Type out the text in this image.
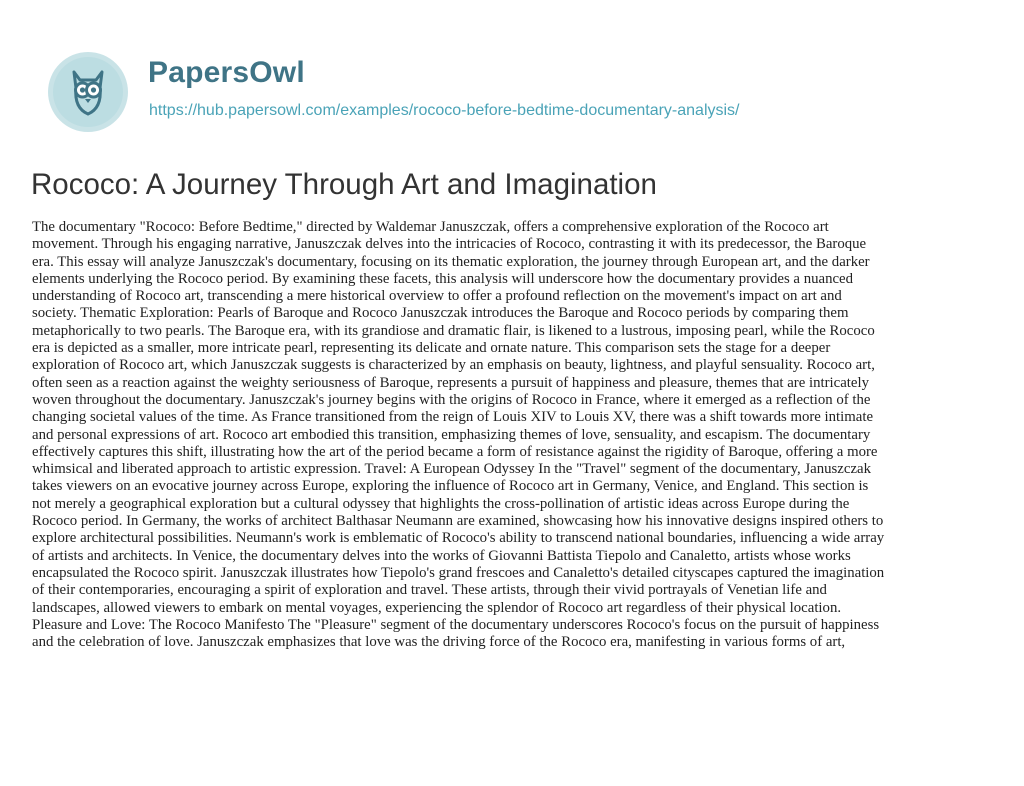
PapersOwl
https://hub.papersowl.com/examples/rococo-before-bedtime-documentary-analysis/
Rococo: A Journey Through Art and Imagination
The documentary "Rococo: Before Bedtime," directed by Waldemar Januszczak, offers a comprehensive exploration of the Rococo art
movement. Through his engaging narrative, Januszczak delves into the intricacies of Rococo, contrasting it with its predecessor, the Baroque
era. This essay will analyze Januszczak's documentary, focusing on its thematic exploration, the journey through European art, and the darker
elements underlying the Rococo period. By examining these facets, this analysis will underscore how the documentary provides a nuanced
understanding of Rococo art, transcending a mere historical overview to offer a profound reflection on the movement's impact on art and
society. Thematic Exploration: Pearls of Baroque and Rococo Januszczak introduces the Baroque and Rococo periods by comparing them
metaphorically to two pearls. The Baroque era, with its grandiose and dramatic flair, is likened to a lustrous, imposing pearl, while the Rococo
era is depicted as a smaller, more intricate pearl, representing its delicate and ornate nature. This comparison sets the stage for a deeper
exploration of Rococo art, which Januszczak suggests is characterized by an emphasis on beauty, lightness, and playful sensuality. Rococo art,
often seen as a reaction against the weighty seriousness of Baroque, represents a pursuit of happiness and pleasure, themes that are intricately
woven throughout the documentary. Januszczak's journey begins with the origins of Rococo in France, where it emerged as a reflection of the
changing societal values of the time. As France transitioned from the reign of Louis XIV to Louis XV, there was a shift towards more intimate
and personal expressions of art. Rococo art embodied this transition, emphasizing themes of love, sensuality, and escapism. The documentary
effectively captures this shift, illustrating how the art of the period became a form of resistance against the rigidity of Baroque, offering a more
whimsical and liberated approach to artistic expression. Travel: A European Odyssey In the "Travel" segment of the documentary, Januszczak
takes viewers on an evocative journey across Europe, exploring the influence of Rococo art in Germany, Venice, and England. This section is
not merely a geographical exploration but a cultural odyssey that highlights the cross-pollination of artistic ideas across Europe during the
Rococo period. In Germany, the works of architect Balthasar Neumann are examined, showcasing how his innovative designs inspired others to
explore architectural possibilities. Neumann's work is emblematic of Rococo's ability to transcend national boundaries, influencing a wide array
of artists and architects. In Venice, the documentary delves into the works of Giovanni Battista Tiepolo and Canaletto, artists whose works
encapsulated the Rococo spirit. Januszczak illustrates how Tiepolo's grand frescoes and Canaletto's detailed cityscapes captured the imagination
of their contemporaries, encouraging a spirit of exploration and travel. These artists, through their vivid portrayals of Venetian life and
landscapes, allowed viewers to embark on mental voyages, experiencing the splendor of Rococo art regardless of their physical location.
Pleasure and Love: The Rococo Manifesto The "Pleasure" segment of the documentary underscores Rococo's focus on the pursuit of happiness
and the celebration of love. Januszczak emphasizes that love was the driving force of the Rococo era, manifesting in various forms of art,
